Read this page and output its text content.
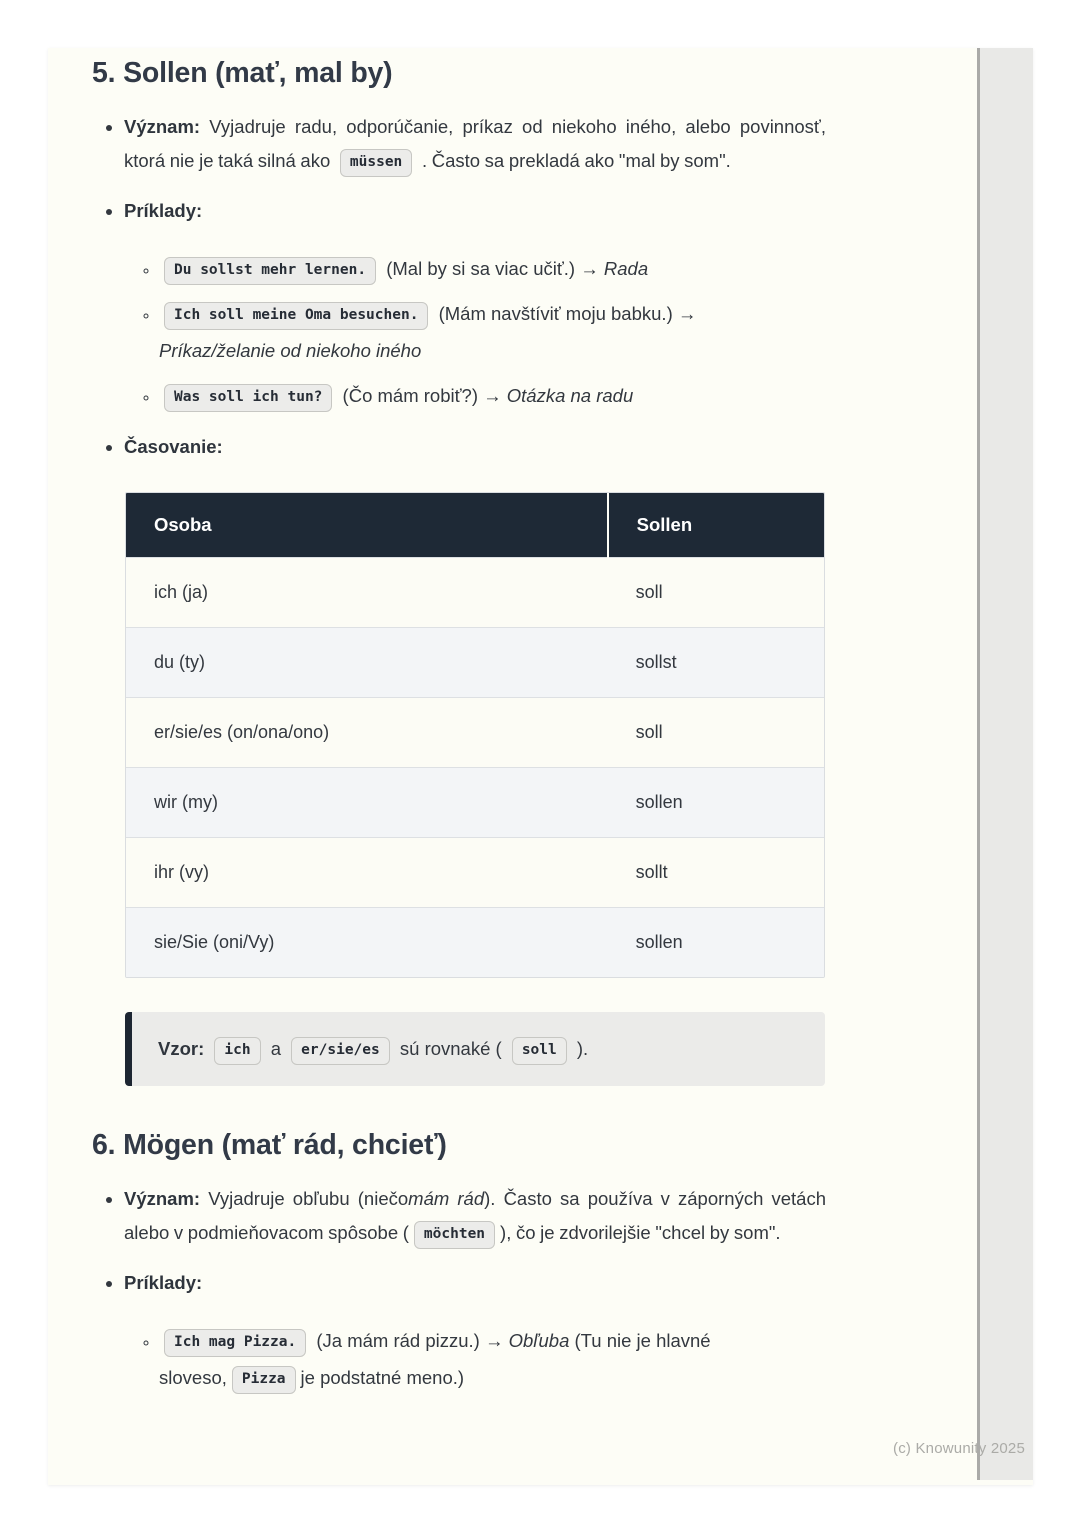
5. Sollen (mať, mal by)
• Význam: Vyjadruje radu, odporúčanie, príkaz od niekoho iného, alebo povinnosť, ktorá nie je taká silná ako müssen . Často sa prekladá ako "mal by som".
• Príklady:
◦ Du sollst mehr lernen. (Mal by si sa viac učiť.) → Rada
◦ Ich soll meine Oma besuchen. (Mám navštíviť moju babku.) →
Príkaz/želanie od niekoho iného
◦ Was soll ich tun? (Čo mám robiť?) → Otázka na radu
• Časovanie:
Osoba	Sollen
ich (ja)	soll
du (ty)	sollst
er/sie/es (on/ona/ono)	soll
wir (my)	sollen
ihr (vy)	sollt
sie/Sie (oni/Vy)	sollen
Vzor: ich a er/sie/es sú rovnaké ( soll ).
6. Mögen (mať rád, chcieť)
• Význam: Vyjadruje obľubu (niečomám rád). Často sa používa v záporných vetách alebo v podmieňovacom spôsobe ( möchten ), čo je zdvorilejšie "chcel by som".
• Príklady:
◦ Ich mag Pizza. (Ja mám rád pizzu.) → Obľuba (Tu nie je hlavné
sloveso, Pizza je podstatné meno.)
(c) Knowunity 2025
